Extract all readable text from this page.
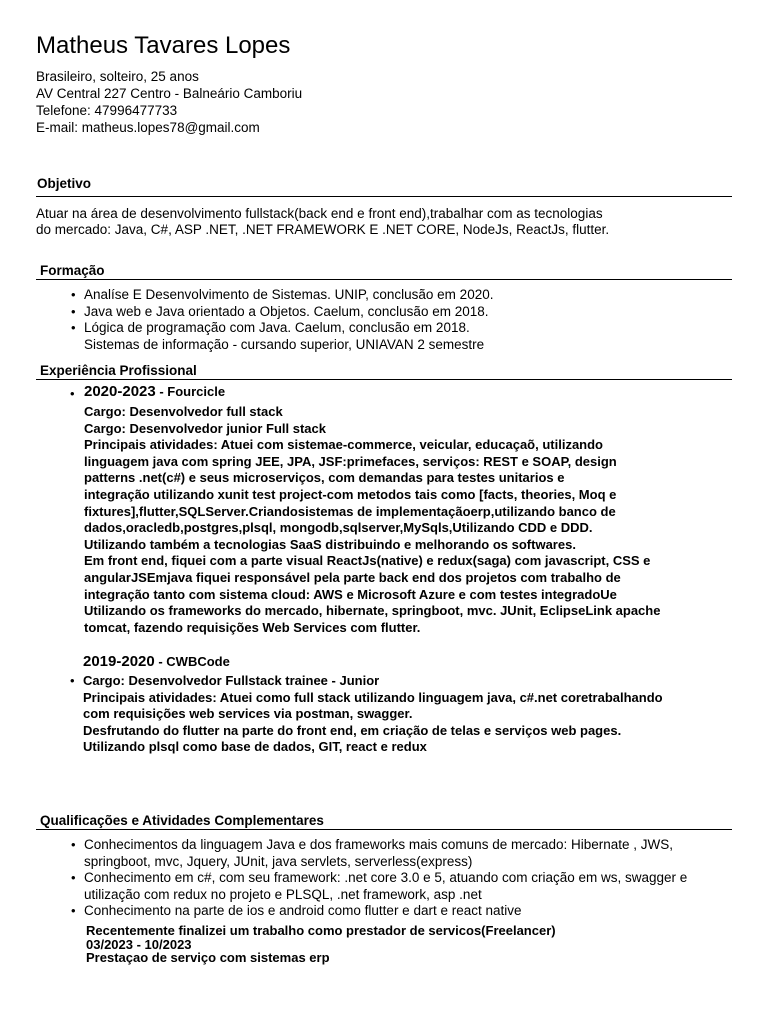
Matheus Tavares Lopes
Brasileiro, solteiro, 25 anos
AV Central 227 Centro - Balneário Camboriu
Telefone: 47996477733
E-mail: matheus.lopes78@gmail.com
Objetivo
Atuar na área de desenvolvimento fullstack(back end e front end),trabalhar com as tecnologias
do mercado: Java, C#, ASP .NET, .NET FRAMEWORK E .NET CORE, NodeJs, ReactJs, flutter.
Formação
• Analíse E Desenvolvimento de Sistemas. UNIP, conclusão em 2020.
• Java web e Java orientado a Objetos. Caelum, conclusão em 2018.
• Lógica de programação com Java. Caelum, conclusão em 2018.
Sistemas de informação - cursando superior, UNIAVAN 2 semestre
Experiência Profissional
• 2020-2023 - Fourcicle
Cargo: Desenvolvedor full stack
Cargo: Desenvolvedor junior Full stack
Principais atividades: Atuei com sistemae-commerce, veicular, educaçaõ, utilizando
linguagem java com spring JEE, JPA, JSF:primefaces, serviços: REST e SOAP, design
patterns .net(c#) e seus microserviços, com demandas para testes unitarios e
integração utilizando xunit test project-com metodos tais como [facts, theories, Moq e
fixtures],flutter,SQLServer.Criandosistemas de implementaçãoerp,utilizando banco de
dados,oracledb,postgres,plsql, mongodb,sqlserver,MySqls,Utilizando CDD e DDD.
Utilizando também a tecnologias SaaS distribuindo e melhorando os softwares.
Em front end, fiquei com a parte visual ReactJs(native) e redux(saga) com javascript, CSS e
angularJSEmjava fiquei responsável pela parte back end dos projetos com trabalho de
integração tanto com sistema cloud: AWS e Microsoft Azure e com testes integradoUe
Utilizando os frameworks do mercado, hibernate, springboot, mvc. JUnit, EclipseLink apache
tomcat, fazendo requisições Web Services com flutter.
2019-2020 - CWBCode
• Cargo: Desenvolvedor Fullstack trainee - Junior
Principais atividades: Atuei como full stack utilizando linguagem java, c#.net coretrabalhando
com requisições web services via postman, swagger.
Desfrutando do flutter na parte do front end, em criação de telas e serviços web pages.
Utilizando plsql como base de dados, GIT, react e redux
Qualificações e Atividades Complementares
• Conhecimentos da linguagem Java e dos frameworks mais comuns de mercado: Hibernate , JWS,
springboot, mvc, Jquery, JUnit, java servlets, serverless(express)
• Conhecimento em c#, com seu framework: .net core 3.0 e 5, atuando com criação em ws, swagger e
utilização com redux no projeto e PLSQL, .net framework, asp .net
• Conhecimento na parte de ios e android como flutter e dart e react native
Recentemente finalizei um trabalho como prestador de servicos(Freelancer)
03/2023 - 10/2023
Prestaçao de serviço com sistemas erp
